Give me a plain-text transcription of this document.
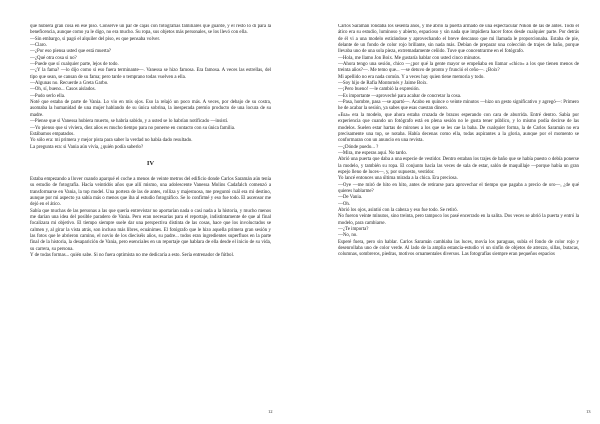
que hubiera gran cosa en ese piso. Conserve un par de cajas con fotografías familiares que guardé, y el resto lo di para la beneficencia, aunque como ya le digo, no era mucho. Su ropa, sus objetos más personales, se los llevó con ella.

—Sin embargo, si pagó el alquiler del piso, es que pensaba volver.

—Claro.

—¿Por eso piensa usted que está muerta?

—¿Qué otra cosa si no?

—Puede que sí cualquier parte, lejos de todo.

—¿Y la fama? —lo dijo como si eso fuera terminante—. Vanessa se hizo famosa. Era famosa. A veces las estrellas, del tipo que sean, se cansan de su fama; pero tarde o temprano todas vuelven a ella.

—Algunas no. Recuerde a Greta Garbo.

—Oh, sí, bueno... Casos aislados.

—Pudo serlo ella.

Noté que estaba de parte de Vania. Lo vio en mis ojos. Eso la relajó un poco más. A veces, por debajo de su costra, asomaba la humanidad de una mujer hablando de su única sobrina, la inesperada premio producto de una locura de su madre.

—Piense que si Vanessa hubiera muerto, se habría sabido, y a usted se lo habrían notificado —insistí.

—Yo pienso que si viviera, diez años es mucho tiempo para no ponerse en contacto con su única familia.

Estábamos empatados.

Yo sólo era: mi primera y mejor pista para saber la verdad no había dado resultado.

La pregunta era: si Vania aún vivía, ¿quién podía saberlo?

IV

Estaba empezando a llover cuando aparqué el coche a menos de veinte metros del edificio donde Carlos Saramán aún tenía su estudio de fotografía. Hacía veintidós años que allí mismo, una adolescente Vanessa Molins Cadafalch comenzó a transformarse en Vania, la top model. Una portera de las de antes, rolliza y majestuosa, me preguntó cuál era mi destino, aunque por mi aspecto ya sabía más o menos que iba al estudio fotográfico. Se lo confirmé y eso fue todo. El ascensor me dejó en el ático.

Sabía que muchas de las personas a las que quería entrevistar no aportarían nada o casi nada a la historia, y mucho menos me darían una idea del posible paradero de Vania. Pero eran necesarias para el reportaje, indistintamente de que al final focalizara mi objetivo. El tiempo siempre suele dar una perspectiva distinta de las cosas, hace que los involucrados se calmen y, al girar la vista atrás, son incluso más libres, ecuánimes. El fotógrafo que le hizo aquella primera gran sesión y las fotos que le abrieron camino, el novio de los dieciséis años, su padre... todos eran ingredientes superfluos en la parte final de la historia, la desaparición de Vania, pero esenciales en un reportaje que hablara de ella desde el inicio de su vida, su carrera, su persona.

Y de todas formas... quién sabe. Si no fuera optimista no me dedicaría a esto. Sería entrenador de fútbol.

12

Carlos Saramán rondaba los sesenta años, y me abrió la puerta armado de una espectacular Nikon de las de antes. Todo el ático era su estudio, luminoso y abierto, espacioso y sin nada que impidiera hacer fotos desde cualquier parte. Por detrás de él vi a una modelo estirándose y aprovechando el breve descanso que mi llamada le proporcionaba. Estaba de pie, delante de un fondo de color rojo brillante, sin nada más. Debían de preparar una colección de trajes de baño, porque llevaba uno de una sola pieza, extremadamente ceñido. Tuve que concentrarme en el fotógrafo.

—Hola, me llamo Jon Boix. Me gustaría hablar con usted cinco minutos.

—Ahora tengo una sesión, chico —¿por qué la gente mayor se empeñaba en llamar «chico» a los que tienen menos de treinta años?—. Me temo que... —se detuvo de pronto y frunció el ceño—. ¿Boix?

Mi apellido no era nada común. Y a veces hay quien tiene memoria y todo.

—Soy hijo de Rafia Montornés y Jaime Boix.

—¡Pero bueno! —le cambió la expresión.

—Es importante —aproveché para acabar de concretar la cosa.

—Pasa, hombre, pasa —se apartó—. Acabo en quince o veinte minutos —hizo un gesto significativo y agregó—: Primero he de acabar la sesión, ya sabes que esas cuestan dinero.

«Esa» era la modelo, que ahora estaba cruzada de brazos esperando con cara de aburrida. Entré dentro. Sabía por experiencia que cuando un fotógrafo está en plena sesión no le gusta tener público, y lo mismo podía decirse de las modelos. Suelen estar hartas de mirones a los que se les cae la baba. De cualquier forma, la de Carlos Saramán no era precisamente una top, se notaba. Había decenas como ella, todas aspirantes a la gloria, aunque por el momento se conformaran con un anuncio en una revista.

—¿Dónde puedo... ?

—Mira, me esperas aquí. No tardo.

Abrió una puerta que daba a una especie de vestidor. Dentro estaban los trajes de baño que se había puesto o debía ponerse la modelo, y también su ropa. El conjunto hacía las veces de sala de estar, salón de maquillaje —porque había un gran espejo lleno de luces—, y, por supuesto, vestidor.

Yo lancé entonces una última mirada a la chica. Era preciosa.

—Oye —me miró de hito en hito, antes de retirarse para aprovechar el tiempo que pagaba a precio de oro—, ¿de qué quieres hablarme?

—De Vania.

—Oh.

Abrió los ojos, asintió con la cabeza y eso fue todo. Se retiró.

No fueron veinte minutos, sino treinta, pero tampoco los pasé encerrado en la salita. Dos veces se abrió la puerta y entró la modelo, para cambiarse.

—¿Te importa?

—No, no.

Esperé fuera, pero sin hablar. Carlos Saramán cambiaba las luces, movía los paraguas, subía el fondo de color rojo y desenrollaba uno de color verde. Al lado de la amplia estancia-estudio vi un sinfín de objetos de atrezzo, sillas, butacas, columnas, sombreros, piedras, motivos ornamentales diversos. Las fotografías siempre eran pequeños espacios

13
